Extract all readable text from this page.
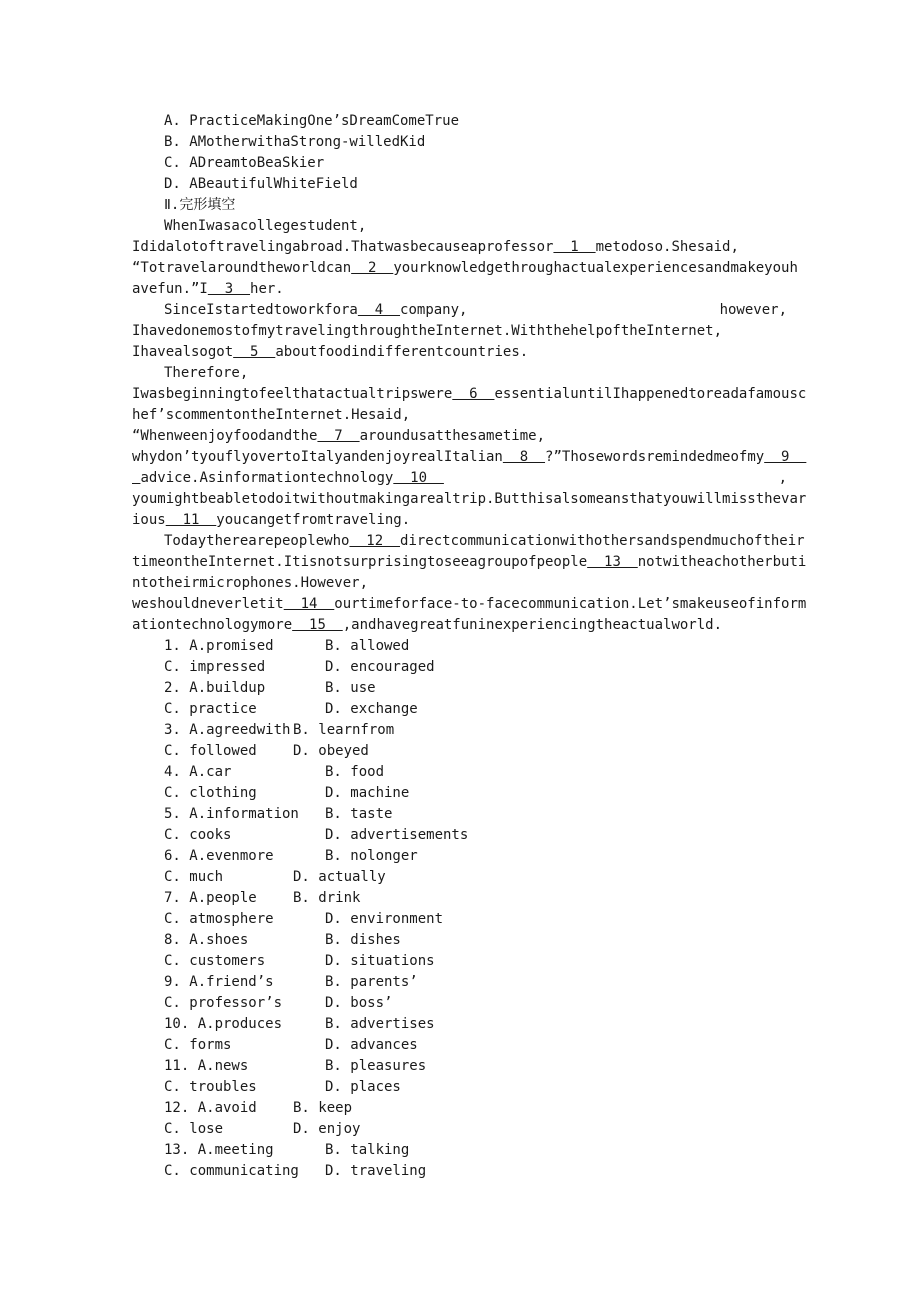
A. PracticeMakingOne’sDreamComeTrue
B. AMotherwithaStrong-willedKid
C. ADreamtoBeaSkier
D. ABeautifulWhiteField
Ⅱ.完形填空
WhenIwasacollegestudent,
Ididalotoftravelingabroad.Thatwasbecauseaprofessor  1  metodoso.Shesaid,
“Totravelaroundtheworldcan  2  yourknowledgethroughactualexperiencesandmakeyouh
avefun.”I  3  her.
SinceIstartedtoworkfora  4  company,	however,
IhavedonemostofmytravelingthroughtheInternet.WiththehelpoftheInternet,
Ihavealsogot  5  aboutfoodindifferentcountries.
Therefore,
Iwasbeginningtofeelthatactualtripswere  6  essentialuntilIhappenedtoreadafamousc
hef’scommentontheInternet.Hesaid,
“Whenweenjoyfoodandthe  7  aroundusatthesametime,
whydon’tyouflyovertoItalyandenjoyrealItalian  8  ?”Thosewordsremindedmeofmy  9
advice.Asinformationtechnology  10	,
youmightbeabletodoitwithoutmakingarealtrip.Butthisalsomeansthatyouwillmissthevar
ious  11  youcangetfromtraveling.
Todaytherearepeoplewho  12  directcommunicationwithothersandspendmuchoftheir
timeontheInternet.Itisnotsurprisingtoseeagroupofpeople  13  notwitheachotherbuti
ntotheirmicrophones.However,
weshouldneverletit  14  ourtimeforface-to-facecommunication.Let’smakeuseofinform
ationtechnologymore  15  ,andhavegreatfuninexperiencingtheactualworld.
1. A.promised	B. allowed
C. impressed	D. encouraged
2. A.buildup	B. use
C. practice	D. exchange
3. A.agreedwith B. learnfrom
C. followed	D. obeyed
4. A.car	B. food
C. clothing	D. machine
5. A.information B. taste
C. cooks	D. advertisements
6. A.evenmore	B. nolonger
C. much	D. actually
7. A.people	B. drink
C. atmosphere	D. environment
8. A.shoes	B. dishes
C. customers	D. situations
9. A.friend’s	B. parents’
C. professor’s	D. boss’
10. A.produces	B. advertises
C. forms	D. advances
11. A.news	B. pleasures
C. troubles	D. places
12. A.avoid	B. keep
C. lose	D. enjoy
13. A.meeting	B. talking
C. communicating D. traveling
